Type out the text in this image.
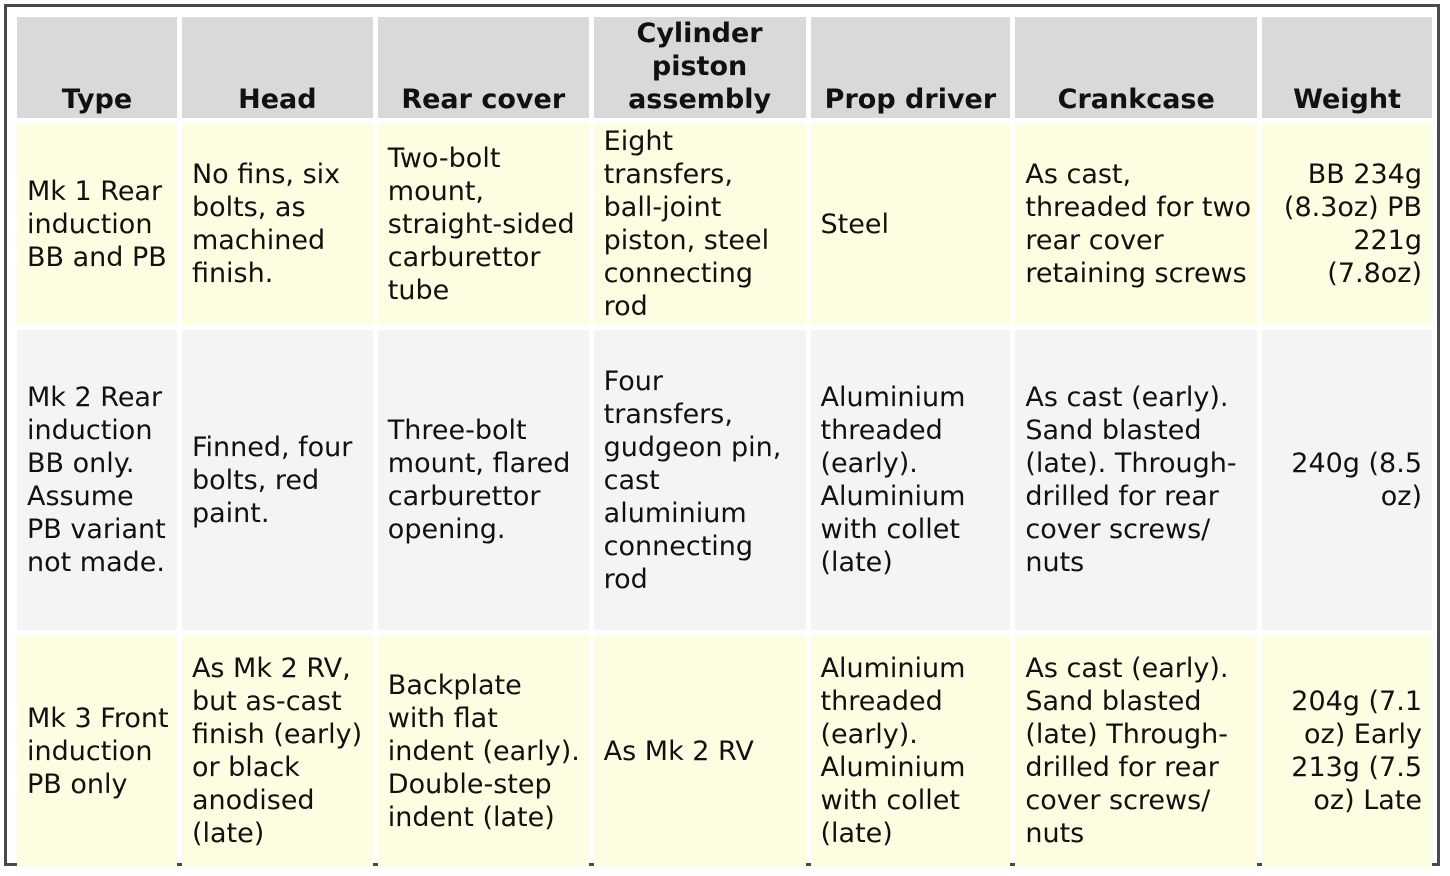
Type	Head	Rear cover	Cylinder piston assembly	Prop driver	Crankcase	Weight
Mk 1 Rear induction BB and PB	No fins, six bolts, as machined finish.	Two-bolt mount, straight-sided carburettor tube	Eight transfers, ball-joint piston, steel connecting rod	Steel	As cast, threaded for two rear cover retaining screws	BB 234g (8.3oz) PB 221g (7.8oz)
Mk 2 Rear induction BB only. Assume PB variant not made.	Finned, four bolts, red paint.	Three-bolt mount, flared carburettor opening.	Four transfers, gudgeon pin, cast aluminium connecting rod	Aluminium threaded (early). Aluminium with collet (late)	As cast (early). Sand blasted (late). Through-drilled for rear cover screws/ nuts	240g (8.5 oz)
Mk 3 Front induction PB only	As Mk 2 RV, but as-cast finish (early) or black anodised (late)	Backplate with flat indent (early). Double-step indent (late)	As Mk 2 RV	Aluminium threaded (early). Aluminium with collet (late)	As cast (early). Sand blasted (late) Through-drilled for rear cover screws/ nuts	204g (7.1 oz) Early 213g (7.5 oz) Late
